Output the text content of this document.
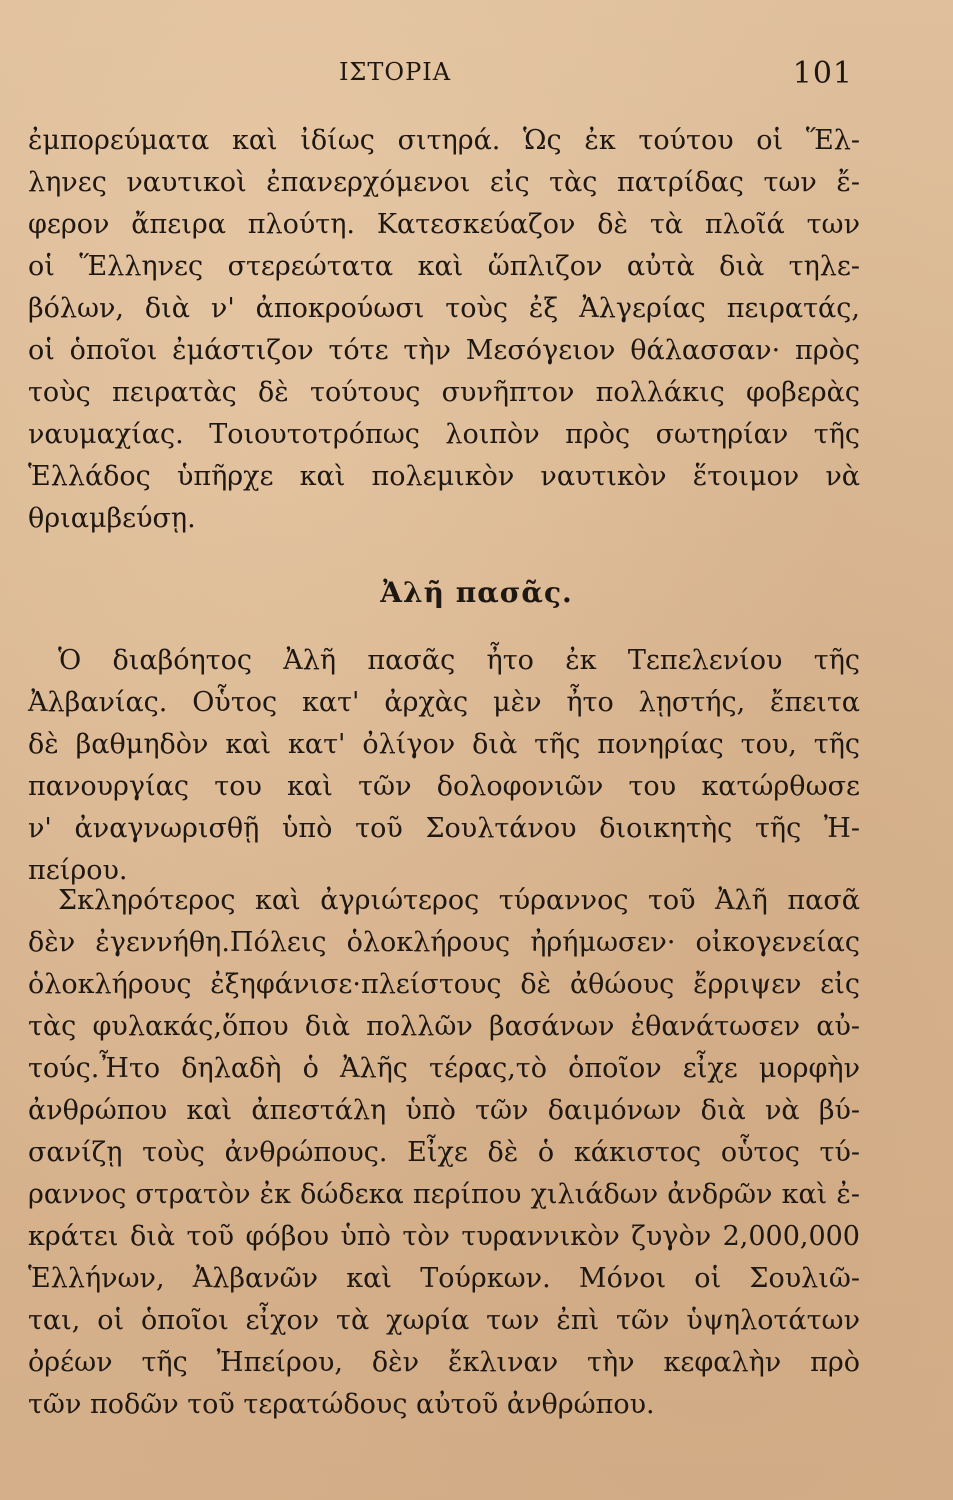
ΙΣΤΟΡΙΑ	101
ἐμπορεύματα καὶ ἰδίως σιτηρά. Ὡς ἐκ τούτου οἱ Ἕλ-
ληνες ναυτικοὶ ἐπανερχόμενοι εἰς τὰς πατρίδας των ἔ-
φερον ἄπειρα πλούτη. Κατεσκεύαζον δὲ τὰ πλοῖά των
οἱ Ἕλληνες στερεώτατα καὶ ὥπλιζον αὐτὰ διὰ τηλε-
βόλων, διὰ ν' ἀποκρούωσι τοὺς ἐξ Ἀλγερίας πειρατάς,
οἱ ὁποῖοι ἐμάστιζον τότε τὴν Μεσόγειον θάλασσαν· πρὸς
τοὺς πειρατὰς δὲ τούτους συνῆπτον πολλάκις φοβερὰς
ναυμαχίας. Τοιουτοτρόπως λοιπὸν πρὸς σωτηρίαν τῆς
Ἑλλάδος ὑπῆρχε καὶ πολεμικὸν ναυτικὸν ἕτοιμον νὰ
θριαμβεύσῃ.
Ἀλῆ πασᾶς.
Ὁ διαβόητος Ἀλῆ πασᾶς ἦτο ἐκ Τεπελενίου τῆς
Ἀλβανίας. Οὗτος κατ' ἀρχὰς μὲν ἦτο λῃστής, ἔπειτα
δὲ βαθμηδὸν καὶ κατ' ὀλίγον διὰ τῆς πονηρίας του, τῆς
πανουργίας του καὶ τῶν δολοφονιῶν του κατώρθωσε
ν' ἀναγνωρισθῇ ὑπὸ τοῦ Σουλτάνου διοικητὴς τῆς Ἠ-
πείρου.
Σκληρότερος καὶ ἀγριώτερος τύραννος τοῦ Ἀλῆ πασᾶ
δὲν ἐγεννήθη.Πόλεις ὁλοκλήρους ἠρήμωσεν· οἰκογενείας
ὁλοκλήρους ἐξηφάνισε·πλείστους δὲ ἀθώους ἔρριψεν εἰς
τὰς φυλακάς,ὅπου διὰ πολλῶν βασάνων ἐθανάτωσεν αὐ-
τούς.Ἦτο δηλαδὴ ὁ Ἀλῆς τέρας,τὸ ὁποῖον εἶχε μορφὴν
ἀνθρώπου καὶ ἀπεστάλη ὑπὸ τῶν δαιμόνων διὰ νὰ βύ-
σανίζῃ τοὺς ἀνθρώπους. Εἶχε δὲ ὁ κάκιστος οὗτος τύ-
ραννος στρατὸν ἐκ δώδεκα περίπου χιλιάδων ἀνδρῶν καὶ ἐ-
κράτει διὰ τοῦ φόβου ὑπὸ τὸν τυραννικὸν ζυγὸν 2,000,000
Ἑλλήνων, Ἀλβανῶν καὶ Τούρκων. Μόνοι οἱ Σουλιῶ-
ται, οἱ ὁποῖοι εἶχον τὰ χωρία των ἐπὶ τῶν ὑψηλοτάτων
ὀρέων τῆς Ἠπείρου, δὲν ἔκλιναν τὴν κεφαλὴν πρὸ
τῶν ποδῶν τοῦ τερατώδους αὐτοῦ ἀνθρώπου.
